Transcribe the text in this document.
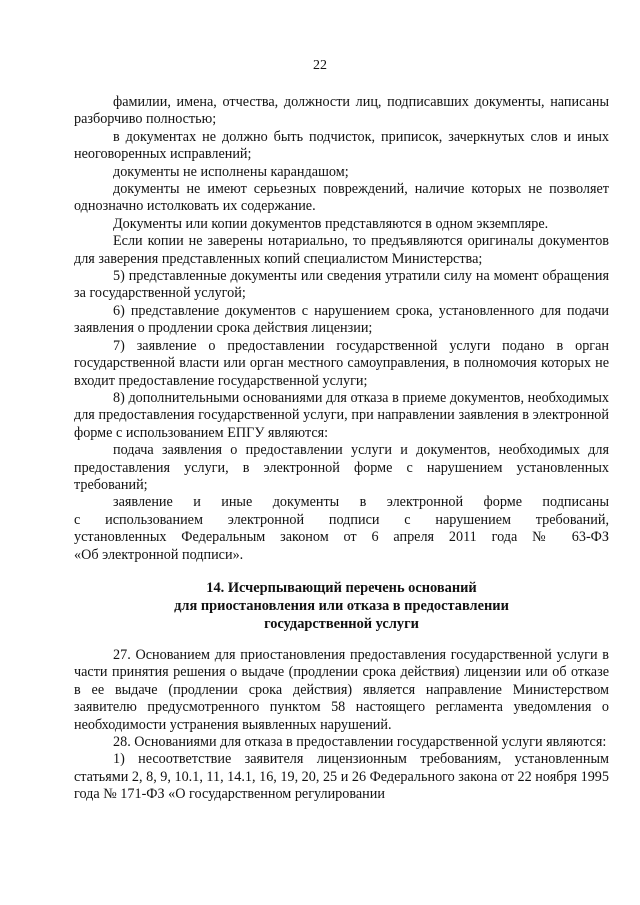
22

фамилии, имена, отчества, должности лиц, подписавших документы, написаны разборчиво полностью;

в документах не должно быть подчисток, приписок, зачеркнутых слов и иных неоговоренных исправлений;

документы не исполнены карандашом;

документы не имеют серьезных повреждений, наличие которых не позволяет однозначно истолковать их содержание.

Документы или копии документов представляются в одном экземпляре.

Если копии не заверены нотариально, то предъявляются оригиналы документов для заверения представленных копий специалистом Министерства;

5) представленные документы или сведения утратили силу на момент обращения за государственной услугой;

6) представление документов с нарушением срока, установленного для подачи заявления о продлении срока действия лицензии;

7) заявление о предоставлении государственной услуги подано в орган государственной власти или орган местного самоуправления, в полномочия которых не входит предоставление государственной услуги;

8) дополнительными основаниями для отказа в приеме документов, необходимых для предоставления государственной услуги, при направлении заявления в электронной форме с использованием ЕПГУ являются:

подача заявления о предоставлении услуги и документов, необходимых для предоставления услуги, в электронной форме с нарушением установленных требований;

заявление и иные документы в электронной форме подписаны

с использованием электронной подписи с нарушением требований,

установленных Федеральным законом от 6 апреля 2011 года № 63-ФЗ

«Об электронной подписи».

14. Исчерпывающий перечень оснований
для приостановления или отказа в предоставлении
государственной услуги

27. Основанием для приостановления предоставления государственной услуги в части принятия решения о выдаче (продлении срока действия) лицензии или об отказе в ее выдаче (продлении срока действия) является направление Министерством заявителю предусмотренного пунктом 58 настоящего регламента уведомления о необходимости устранения выявленных нарушений.

28. Основаниями для отказа в предоставлении государственной услуги являются:

1) несоответствие заявителя лицензионным требованиям, установленным статьями 2, 8, 9, 10.1, 11, 14.1, 16, 19, 20, 25 и 26 Федерального закона от 22 ноября 1995 года № 171-ФЗ «О государственном регулировании
